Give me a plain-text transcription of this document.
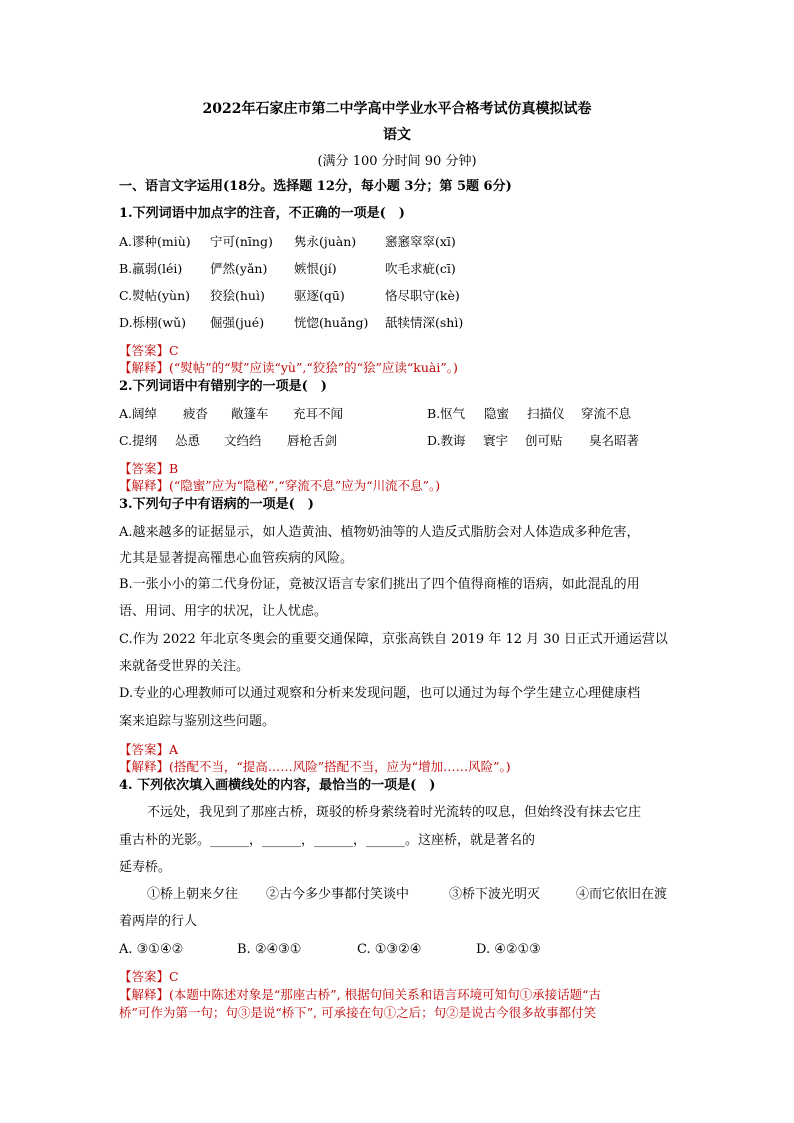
2022年石家庄市第二中学高中学业水平合格考试仿真模拟试卷
语文
(满分 100 分时间 90 分钟)
一、语言文字运用(18分。选择题 12分，每小题 3分；第 5题 6分)
1.下列词语中加点字的注音，不正确的一项是(　)
A.谬种(miù) 宁可(nīng) 隽永(juàn) 窸窸窣窣(xī)
B.羸弱(léi) 俨然(yǎn) 嫉恨(jí)	吹毛求疵(cī)
C.熨帖(yùn) 狡狯(huì) 驱逐(qū)	恪尽职守(kè)
D.栎栩(wǔ) 倔强(jué) 恍惚(huǎng) 舐犊情深(shì)
【答案】C
【解释】(“熨帖”的“熨”应读“yù”,“狡狯”的“狯”应读“kuài”。)
2.下列词语中有错别字的一项是(　)
A.阔绰 疲沓 敞篷车 充耳不闻	B.怄气 隐蜜 扫描仪 穿流不息
C.提纲 怂恿 文绉绉 唇枪舌剑	D.教诲 寰宇 创可贴 臭名昭著
【答案】B
【解释】(“隐蜜”应为“隐秘”,“穿流不息”应为“川流不息”。)
3.下列句子中有语病的一项是(　)
A.越来越多的证据显示，如人造黄油、植物奶油等的人造反式脂肪会对人体造成多种危害，
尤其是显著提高罹患心血管疾病的风险。
B.一张小小的第二代身份证，竟被汉语言专家们挑出了四个值得商榷的语病，如此混乱的用
语、用词、用字的状况，让人忧虑。
C.作为 2022 年北京冬奥会的重要交通保障，京张高铁自 2019 年 12 月 30 日正式开通运营以
来就备受世界的关注。
D.专业的心理教师可以通过观察和分析来发现问题，也可以通过为每个学生建立心理健康档
案来追踪与鉴别这些问题。
【答案】A
【解释】(搭配不当，“提高……风险”搭配不当，应为“增加……风险”。)
4. 下列依次填入画横线处的内容，最恰当的一项是(　)
不远处，我见到了那座古桥，斑驳的桥身萦绕着时光流转的叹息，但始终没有抹去它庄
重古朴的光影。______，______，______，______。这座桥，就是著名的
延寿桥。
①桥上朝来夕往 ②古今多少事都付笑谈中	③桥下波光明灭	④而它依旧在渡
着两岸的行人
A. ③①④②	B. ②④③①	C. ①③②④	D. ④②①③
【答案】C
【解释】(本题中陈述对象是“那座古桥”, 根据句间关系和语言环境可知句①承接话题“古
桥”可作为第一句；句③是说“桥下”, 可承接在句①之后；句②是说古今很多故事都付笑
